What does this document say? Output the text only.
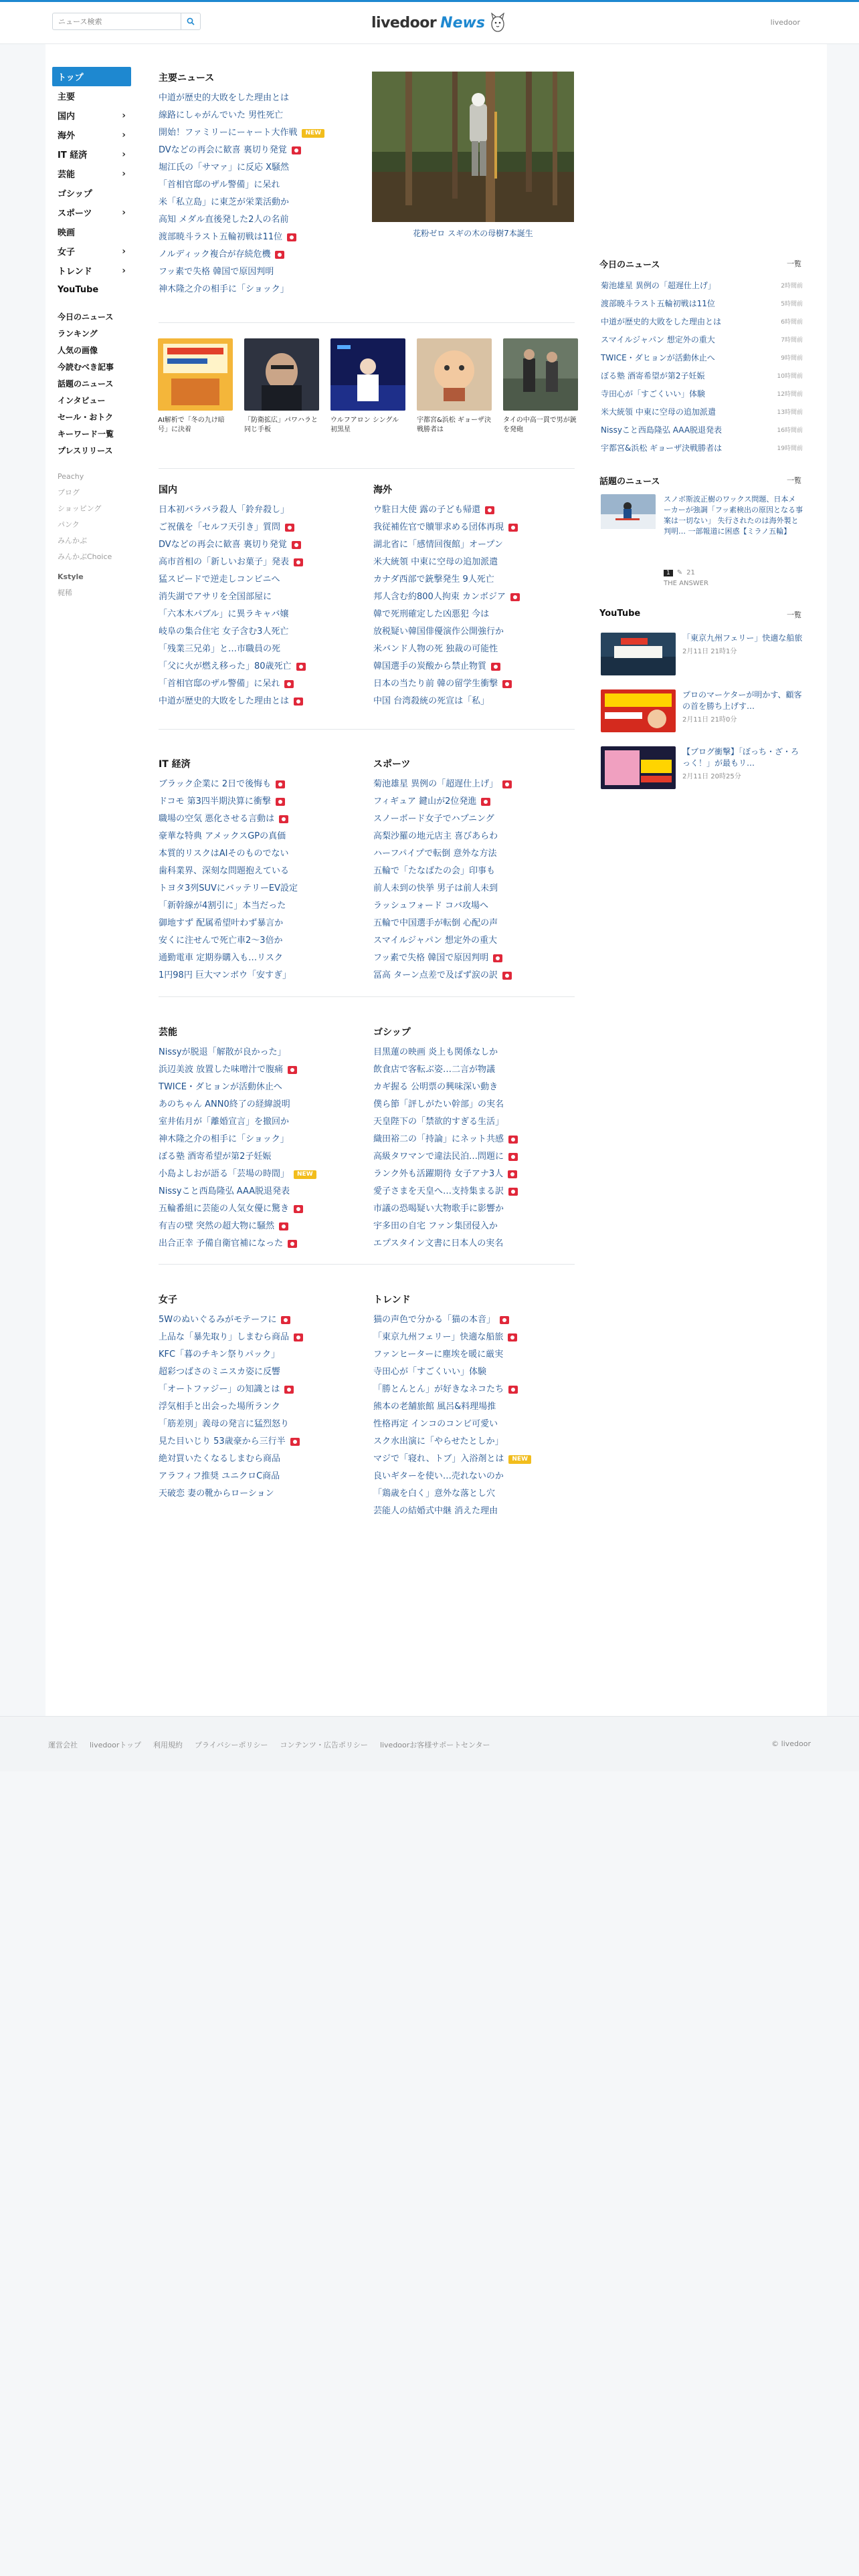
ニュース検索
livedoor News	livedoor
トップ
主要
国内	›
海外	›
IT 経済	›
芸能	›
ゴシップ
スポーツ	›
映画
女子	›
トレンド	›
YouTube
今日のニュース
ランキング
人気の画像
今読むべき記事
話題のニュース
インタビュー
セール・おトク
キーワード一覧
プレスリリース
Peachy
ブログ
ショッピング
パンク
みんかぶ
みんかぶChoice
Kstyle
梶稀
主要ニュース
中道が歴史的大敗をした理由とは
線路にしゃがんでいた 男性死亡
開始！ファミリーにーャート大作戦	NEW
DVなどの再会に歓喜 裏切り発覚
堀江氏の「サマァ」に反応 X騒然
「首相官邸のザル警備」に呆れ
米「私立島」に東芝が栄業活動か
高知 メダル直後発した2人の名前
渡部暁斗ラスト五輪初戦は11位
ノルディック複合が存続危機
フッ素で失格 韓国で原因判明
神木隆之介の相手に「ショック」
花粉ゼロ スギの木の母樹7本誕生
AI解析で「冬の九け暗号」に決着
「防衛拡広」パワハラと同じ手板
ウルフアロン シングル初黒星
宇都宮&浜松 ギョーザ決戦勝者は
タイの中高一貫で男が銃を発砲
国内
日本初バラバラ殺人「鈴弁殺し」
ご祝儀を「セルフ天引き」質問
DVなどの再会に歓喜 裏切り発覚
高市首相の「新しいお菓子」発表
猛スピードで逆走しコンビニへ
消失湖でアサリを全国部屋に
「六本木パブル」に異ラキャバ嬢
岐阜の集合住宅 女子含む3人死亡
「残業三兄弟」と…市職員の死
「父に火が燃え移った」80歳死亡
「首相官邸のザル警備」に呆れ
中道が歴史的大敗をした理由とは
海外
ウ駐日大使 露の子ども帰還
我従補佐官で贖罪求める団体再現
湖北省に「感情回復館」オープン
米大統領 中東に空母の追加派遣
カナダ西部で銃撃発生 9人死亡
邦人含む約800人拘束 カンボジア
韓で死刑確定した凶悪犯 今は
放税疑い韓国俳優演作公開強行か
米バンド人物の死 独裁の可能性
韓国選手の炭酸から禁止物質
日本の当たり前 韓の留学生衝撃
中国 台湾殺統の死宣は「私」
IT 経済
ブラック企業に 2日で後悔も
ドコモ 第3四半期決算に衝撃
職場の空気 悪化させる言動は
豪華な特典 アメックスGPの真価
本質的リスクはAIそのものでない
歯科業界、深刻な問題抱えている
トヨタ3列SUVにバッテリーEV設定
「新幹線が4割引に」本当だった
御地すず 配属希望叶わず暴言か
安くに注せんで死亡車2〜3倍か
通勤電車 定期券購入も…リスク
1円98円 巨大マンボウ「安すぎ」
スポーツ
菊池雄星 異例の「超遅仕上げ」
フィギュア 鍵山が2位発進
スノーボード女子でハプニング
高梨沙羅の地元店主 喜びあらわ
ハーフパイプで転倒 意外な方法
五輪で「たなばたの会」印事も
前人未到の快挙 男子は前人未到
ラッシュフォード コバ攻場へ
五輪で中国選手が転倒 心配の声
スマイルジャパン 想定外の重大
フッ素で失格 韓国で原因判明
冨高 ターン点差で及ばず涙の訳
芸能
Nissyが脱退「解散が良かった」
浜辺美波 放置した味噌汁で腹痛
TWICE・ダヒョンが活動休止へ
あのちゃん ANN0終了の経緯説明
室井佑月が「離婚宣言」を撤回か
神木隆之介の相手に「ショック」
ぼる塾 酒寄希望が第2子妊娠
小島よしおが語る「芸場の時間」	NEW
Nissyこと西島隆弘 AAA脱退発表
五輪番組に芸能の人気女優に驚き
有吉の壁 突然の超大物に騒然
出合正幸 予備自衛官補になった
ゴシップ
目黒蓮の映画 炎上も関係なしか
飲食店で客転ぶ姿…二言が物議
カギ握る 公明票の興味深い動き
僕ら節「評しがたい幹部」の実名
天皇陛下の「禁欲的すぎる生活」
織田裕二の「持論」にネット共感
高級タワマンで違法民泊…問題に
ランク外も活躍期待 女子アナ3人
愛子さまを天皇へ…支持集まる訳
市議の恐喝疑い大物歌手に影響か
宇多田の自宅 ファン集団侵入か
エプスタイン文書に日本人の実名
女子
5Wのぬいぐるみがモテーフに
上品な「暴先取り」しまむら商品
KFC「暮のチキン祭りパック」
超彩つばさのミニスカ姿に反響
「オートファジー」の知識とは
浮気相手と出会った場所ランク
「筋差別」義母の発言に猛烈怒り
見た目いじり 53歳豪から三行半
絶対買いたくなるしまむら商品
アラフィフ推奨 ユニクロC商品
天破恋 妻の靴からローション
トレンド
猫の声色で分かる「猫の本音」
「東京九州フェリー」快適な船旅
ファンヒーターに塵埃を暖に厳実
寺田心が「すごくいい」体験
「勝とんとん」が好きなネコたち
熊本の老舗旅館 風呂&料理場推
性格再定 インコのコンビ可愛い
スク水出演に「やらせたとしか」
マジで「寝れ、トブ」入浴剤とは	NEW
良いギターを使い…売れないのか
「鶏歳を白く」意外な落とし穴
芸能人の結婚式中継 消えた理由
今日のニュース	一覧
菊池雄星 異例の「超遅仕上げ」	2時間前
渡部暁斗ラスト五輪初戦は11位	5時間前
中道が歴史的大敗をした理由とは	6時間前
スマイルジャパン 想定外の重大	7時間前
TWICE・ダヒョンが活動休止へ	9時間前
ぼる塾 酒寄希望が第2子妊娠	10時間前
寺田心が「すごくいい」体験	12時間前
米大統領 中東に空母の追加派遣	13時間前
Nissyこと西島隆弘 AAA脱退発表	16時間前
宇都宮&浜松 ギョーザ決戦勝者は	19時間前
話題のニュース	一覧
スノボ斯波正樹のワックス問題、日本メーカーが強調「フッ素検出の原因となる事案は一切ない」 失行されたのは海外製と判明… 一部報道に困惑【ミラノ五輪】
1	✎ 21
THE ANSWER
YouTube	一覧
「東京九州フェリー」快適な船旅
2月11日 21時1分
プロのマーケターが明かす、顧客の首を勝ち上げす…
2月11日 21時0分
【ブログ衝撃】「ぼっち・ざ・ろっく！」が最もリ…
2月11日 20時25分
運営会社 livedoorトップ 利用規約 プライバシーポリシー コンテンツ・広告ポリシー livedoorお客様サポートセンター	© livedoor
